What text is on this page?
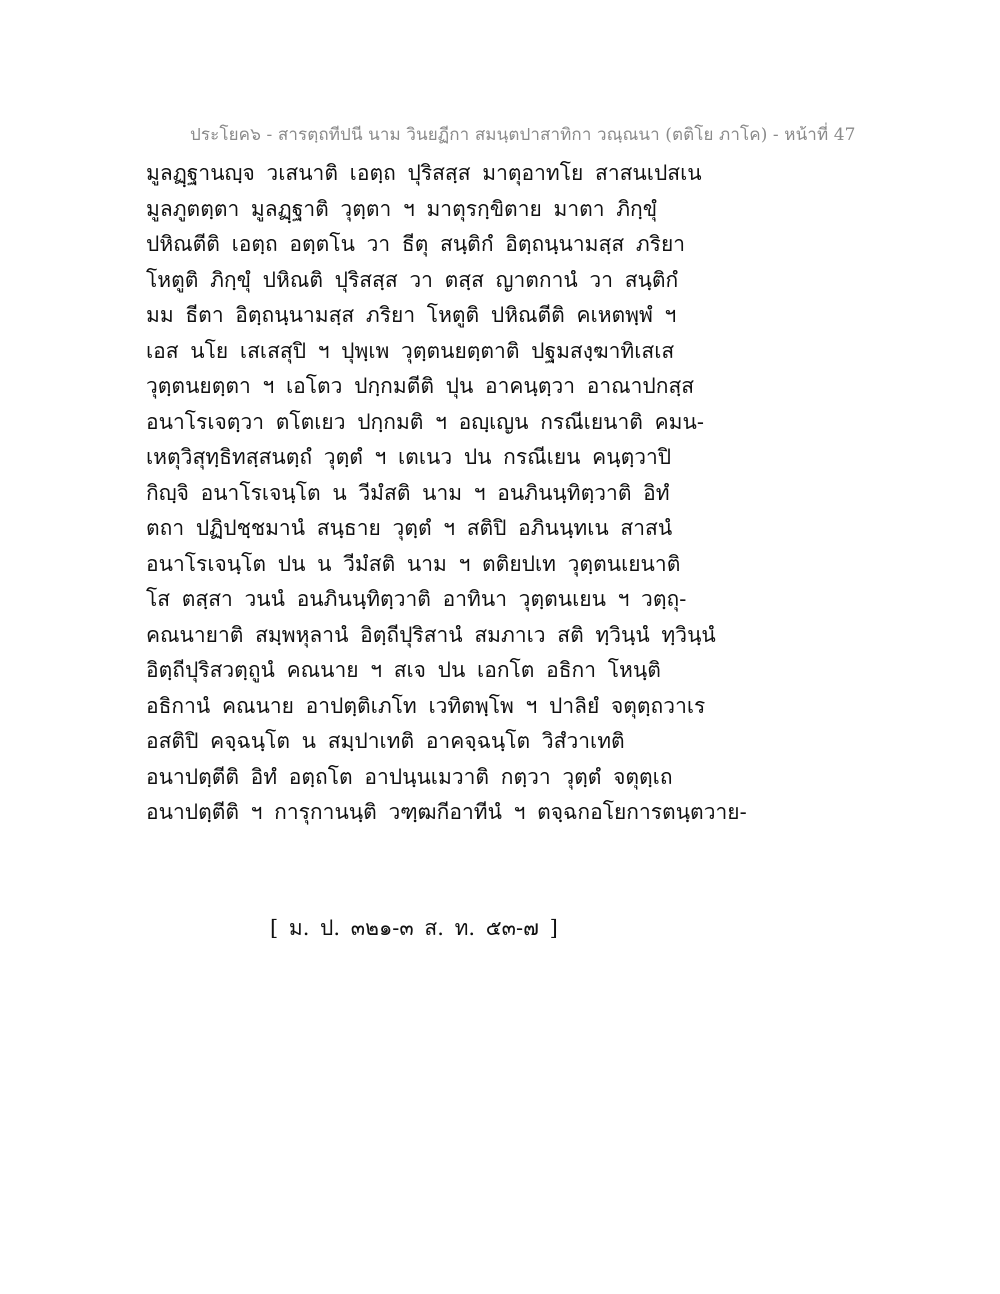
ประโยค๖ - สารตฺถทีปนี นาม วินยฏีกา สมนฺตปาสาทิกา วณฺณนา (ตติโย ภาโค) - หน้าที่ 47
มูลฏฺฐานญฺจ วเสนาติ เอตฺถ ปุริสสฺส มาตุอาทโย สาสนเปสเน
มูลภูตตฺตา มูลฏฺฐาติ วุตฺตา ฯ มาตุรกฺขิตาย มาตา ภิกฺขุํ
ปหิณตีติ เอตฺถ อตฺตโน วา ธีตุ สนฺติกํ อิตฺถนฺนามสฺส ภริยา
โหตูติ ภิกฺขุํ ปหิณติ ปุริสสฺส วา ตสฺส ญาตกานํ วา สนฺติกํ
มม ธีตา อิตฺถนฺนามสฺส ภริยา โหตูติ ปหิณตีติ คเหตพฺพํ ฯ
เอส นโย เสเสสุปิ ฯ ปุพฺเพ วุตฺตนยตฺตาติ ปฐมสงฺฆาทิเสเส
วุตฺตนยตฺตา ฯ เอโตว ปกฺกมตีติ ปุน อาคนฺตฺวา อาณาปกสฺส
อนาโรเจตฺวา ตโตเยว ปกฺกมติ ฯ อญฺเญน กรณีเยนาติ คมน-
เหตุวิสุทฺธิทสฺสนตฺถํ วุตฺตํ ฯ เตเนว ปน กรณีเยน คนฺตฺวาปิ
กิญฺจิ อนาโรเจนฺโต น วีมํสติ นาม ฯ อนภินนฺทิตฺวาติ อิทํ
ตถา ปฏิปชฺชมานํ สนฺธาย วุตฺตํ ฯ สติปิ อภินนฺทเน สาสนํ
อนาโรเจนฺโต ปน น วีมํสติ นาม ฯ ตติยปเท วุตฺตนเยนาติ
โส ตสฺสา วนนํ อนภินนฺทิตฺวาติ อาทินา วุตฺตนเยน ฯ วตฺถุ-
คณนายาติ สมฺพหุลานํ อิตฺถีปุริสานํ สมภาเว สติ ทฺวินฺนํ ทฺวินฺนํ
อิตฺถีปุริสวตฺถูนํ คณนาย ฯ สเจ ปน เอกโต อธิกา โหนฺติ
อธิกานํ คณนาย อาปตฺติเภโท เวทิตพฺโพ ฯ ปาลิยํ จตุตฺถวาเร
อสติปิ คจฺฉนฺโต น สมฺปาเทติ อาคจฺฉนฺโต วิสํวาเทติ
อนาปตฺตีติ อิทํ อตฺถโต อาปนฺนเมวาติ กตฺวา วุตฺตํ จตุตฺเถ
อนาปตฺตีติ ฯ การุกานนฺติ วฑฺฒกีอาทีนํ ฯ ตจฺฉกอโยการตนฺตวาย-
[ ม. ป. ๓๒๑-๓ ส. ท. ๕๓-๗ ]
